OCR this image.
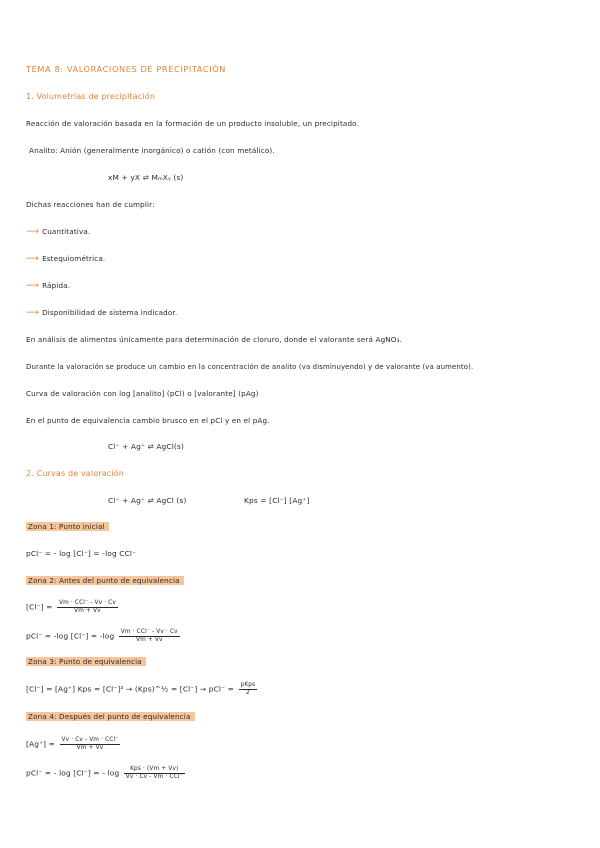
TEMA 8: VALORACIONES DE PRECIPITACIÓN
1. Volumetrías de precipitación
Reacción de valoración basada en la formación de un producto insoluble, un precipitado.
Analito: Anión (generalmente inorgánico) o catión (con metálico).
xM + yX ⇌ MₘXᵧ (s)
Dichas reacciones han de cumplir:
⟶ Cuantitativa.
⟶ Estequiométrica.
⟶ Rápida.
⟶ Disponibilidad de sistema indicador.
En análisis de alimentos únicamente para determinación de cloruro, donde el valorante será AgNO₃.
Durante la valoración se produce un cambio en la concentración de analito (va disminuyendo) y de valorante (va aumento).
Curva de valoración con log [analito] (pCl) o [valorante] (pAg)
En el punto de equivalencia cambio brusco en el pCl y en el pAg.
Cl⁻ + Ag⁺ ⇌ AgCl(s)
2. Curvas de valoración
Cl⁻ + Ag⁺ ⇌ AgCl (s)	Kps = [Cl⁻] [Ag⁺]
Zona 1: Punto inicial
pCl⁻ = - log [Cl⁻] = -log CCl⁻
Zona 2: Antes del punto de equivalencia
$[Cl^-] = \frac{\text{Vm · CCl⁻ - Vv · Cv}}{Vm + Vv}$
pCl⁻ = -log $[Cl^-] = -\log \frac{\text{Vm · CCl⁻ - Vv · Cv}}{Vm + Vv}$
Zona 3: Punto de equivalencia
[Cl⁻] = [Ag⁺] Kps = [Cl⁻]² → (Kps)^½ = $[Cl^-] \to pCl^- = \frac{\text{pKps}}{2}$
Zona 4: Después del punto de equivalencia
$[Ag^+] = \frac{\text{Vv · Cv - Vm · CCl⁻}}{Vm + Vv}$
pCl⁻ = - log [Cl⁻] = - $\log \frac{\text{Kps · (Vm + Vv)}}{\text{Vv · Cv - Vm · CCl⁻}}$
